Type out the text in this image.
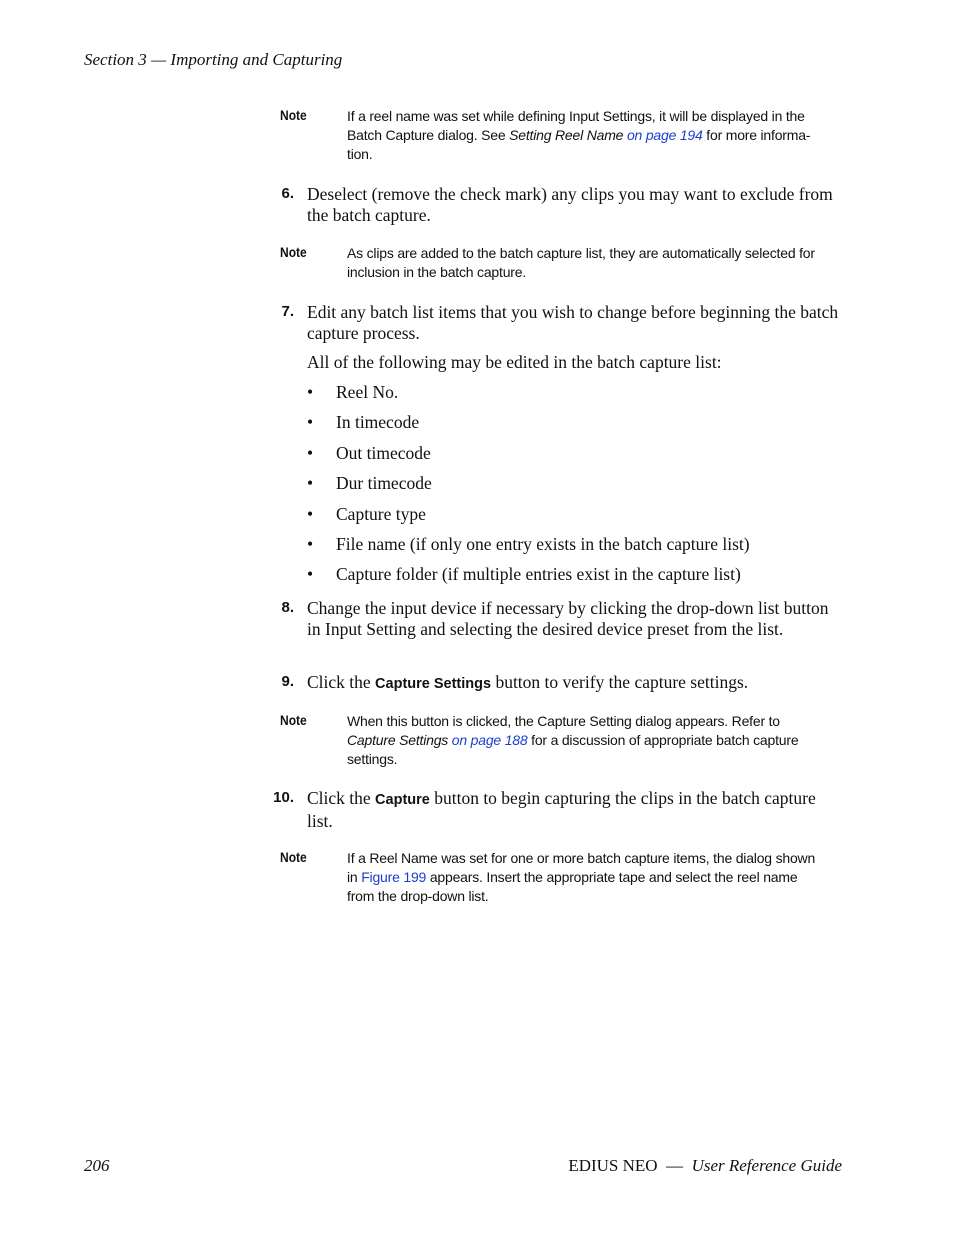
Section 3 — Importing and Capturing
Note	If a reel name was set while defining Input Settings, it will be displayed in the Batch Capture dialog. See Setting Reel Name on page 194 for more informa-tion.
6. Deselect (remove the check mark) any clips you may want to exclude from the batch capture.
Note	As clips are added to the batch capture list, they are automatically selected for inclusion in the batch capture.
7. Edit any batch list items that you wish to change before beginning the batch capture process.
All of the following may be edited in the batch capture list:
• Reel No.
• In timecode
• Out timecode
• Dur timecode
• Capture type
• File name (if only one entry exists in the batch capture list)
• Capture folder (if multiple entries exist in the capture list)
8. Change the input device if necessary by clicking the drop-down list button in Input Setting and selecting the desired device preset from the list.
9. Click the Capture Settings button to verify the capture settings.
Note	When this button is clicked, the Capture Setting dialog appears. Refer to Capture Settings on page 188 for a discussion of appropriate batch capture settings.
10. Click the Capture button to begin capturing the clips in the batch capture list.
Note	If a Reel Name was set for one or more batch capture items, the dialog shown in Figure 199 appears. Insert the appropriate tape and select the reel name from the drop-down list.
206	EDIUS NEO — User Reference Guide
